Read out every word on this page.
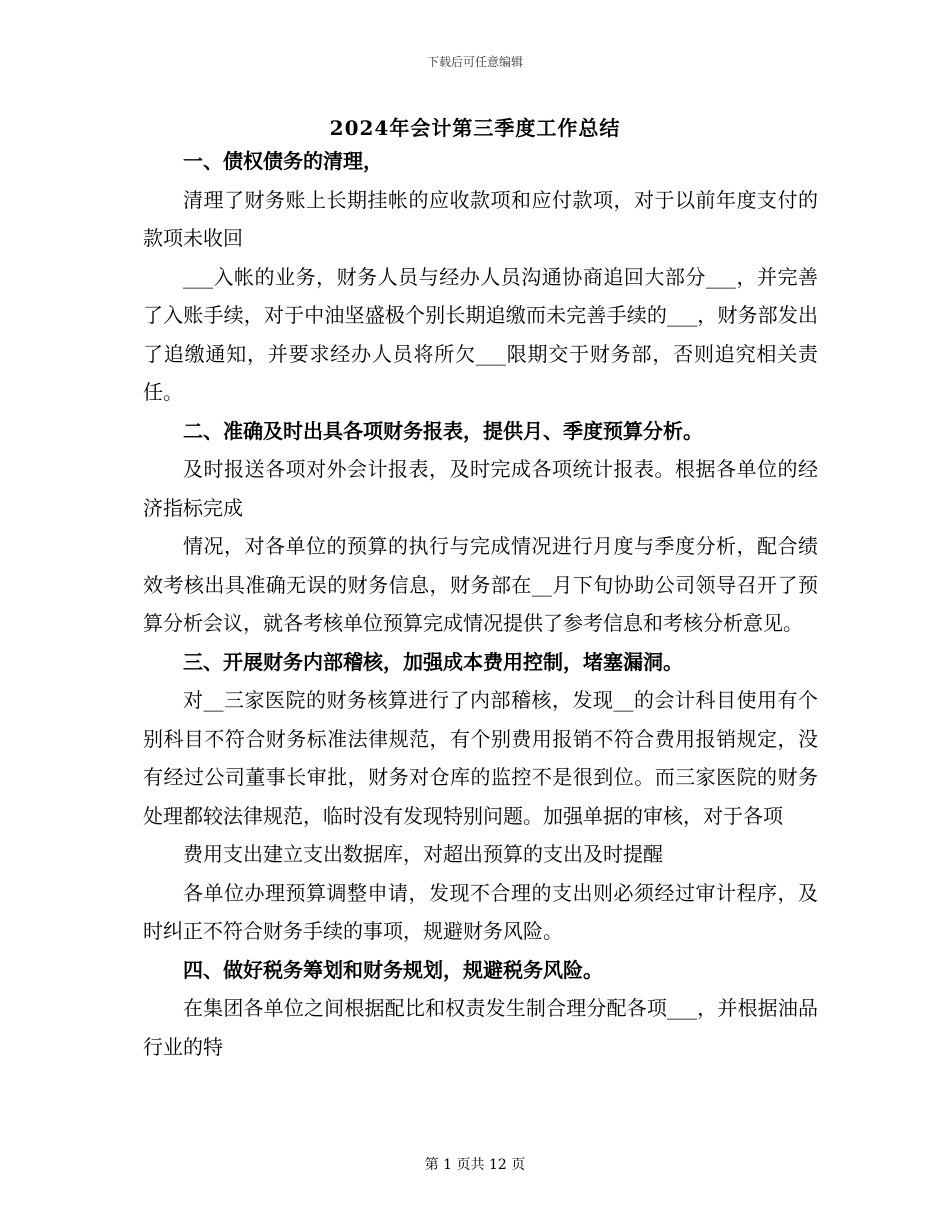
下载后可任意编辑
2024年会计第三季度工作总结

一、债权债务的清理，

清理了财务账上长期挂帐的应收款项和应付款项，对于以前年度支付的款项未收回

___入帐的业务，财务人员与经办人员沟通协商追回大部分___，并完善了入账手续，对于中油坚盛极个别长期追缴而未完善手续的___，财务部发出了追缴通知，并要求经办人员将所欠___限期交于财务部，否则追究相关责任。

二、准确及时出具各项财务报表，提供月、季度预算分析。

及时报送各项对外会计报表，及时完成各项统计报表。根据各单位的经济指标完成

情况，对各单位的预算的执行与完成情况进行月度与季度分析，配合绩效考核出具准确无误的财务信息，财务部在__月下旬协助公司领导召开了预算分析会议，就各考核单位预算完成情况提供了参考信息和考核分析意见。

三、开展财务内部稽核，加强成本费用控制，堵塞漏洞。

对__三家医院的财务核算进行了内部稽核，发现__的会计科目使用有个别科目不符合财务标准法律规范，有个别费用报销不符合费用报销规定，没有经过公司董事长审批，财务对仓库的监控不是很到位。而三家医院的财务处理都较法律规范，临时没有发现特别问题。加强单据的审核，对于各项

费用支出建立支出数据库，对超出预算的支出及时提醒

各单位办理预算调整申请，发现不合理的支出则必须经过审计程序，及时纠正不符合财务手续的事项，规避财务风险。

四、做好税务筹划和财务规划，规避税务风险。

在集团各单位之间根据配比和权责发生制合理分配各项___，并根据油品行业的特

第 1 页共 12 页
